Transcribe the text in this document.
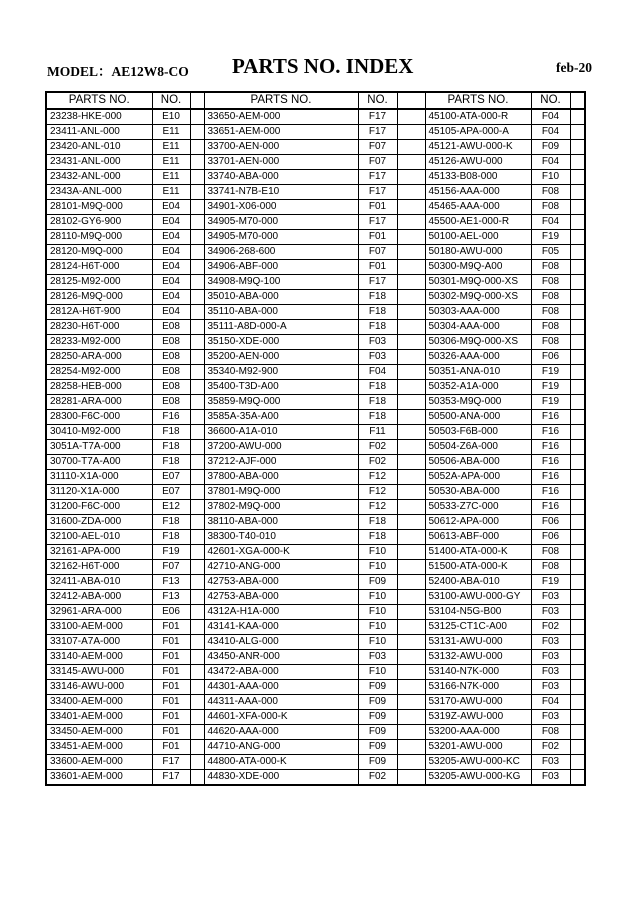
MODEL：AE12W8-CO PARTS NO. INDEX	feb-20
PARTS NO.	NO.		PARTS NO.	NO.		PARTS NO.	NO.	
23238-HKE-000	E10		33650-AEM-000	F17		45100-ATA-000-R	F04	
23411-ANL-000	E11		33651-AEM-000	F17		45105-APA-000-A	F04	
23420-ANL-010	E11		33700-AEN-000	F07		45121-AWU-000-K	F09	
23431-ANL-000	E11		33701-AEN-000	F07		45126-AWU-000	F04	
23432-ANL-000	E11		33740-ABA-000	F17		45133-B08-000	F10	
2343A-ANL-000	E11		33741-N7B-E10	F17		45156-AAA-000	F08	
28101-M9Q-000	E04		34901-X06-000	F01		45465-AAA-000	F08	
28102-GY6-900	E04		34905-M70-000	F17		45500-AE1-000-R	F04	
28110-M9Q-000	E04		34905-M70-000	F01		50100-AEL-000	F19	
28120-M9Q-000	E04		34906-268-600	F07		50180-AWU-000	F05	
28124-H6T-000	E04		34906-ABF-000	F01		50300-M9Q-A00	F08	
28125-M92-000	E04		34908-M9Q-100	F17		50301-M9Q-000-XS	F08	
28126-M9Q-000	E04		35010-ABA-000	F18		50302-M9Q-000-XS	F08	
2812A-H6T-900	E04		35110-ABA-000	F18		50303-AAA-000	F08	
28230-H6T-000	E08		35111-A8D-000-A	F18		50304-AAA-000	F08	
28233-M92-000	E08		35150-XDE-000	F03		50306-M9Q-000-XS	F08	
28250-ARA-000	E08		35200-AEN-000	F03		50326-AAA-000	F06	
28254-M92-000	E08		35340-M92-900	F04		50351-ANA-010	F19	
28258-HEB-000	E08		35400-T3D-A00	F18		50352-A1A-000	F19	
28281-ARA-000	E08		35859-M9Q-000	F18		50353-M9Q-000	F19	
28300-F6C-000	F16		3585A-35A-A00	F18		50500-ANA-000	F16	
30410-M92-000	F18		36600-A1A-010	F11		50503-F6B-000	F16	
3051A-T7A-000	F18		37200-AWU-000	F02		50504-Z6A-000	F16	
30700-T7A-A00	F18		37212-AJF-000	F02		50506-ABA-000	F16	
31110-X1A-000	E07		37800-ABA-000	F12		5052A-APA-000	F16	
31120-X1A-000	E07		37801-M9Q-000	F12		50530-ABA-000	F16	
31200-F6C-000	E12		37802-M9Q-000	F12		50533-Z7C-000	F16	
31600-ZDA-000	F18		38110-ABA-000	F18		50612-APA-000	F06	
32100-AEL-010	F18		38300-T40-010	F18		50613-ABF-000	F06	
32161-APA-000	F19		42601-XGA-000-K	F10		51400-ATA-000-K	F08	
32162-H6T-000	F07		42710-ANG-000	F10		51500-ATA-000-K	F08	
32411-ABA-010	F13		42753-ABA-000	F09		52400-ABA-010	F19	
32412-ABA-000	F13		42753-ABA-000	F10		53100-AWU-000-GY	F03	
32961-ARA-000	E06		4312A-H1A-000	F10		53104-N5G-B00	F03	
33100-AEM-000	F01		43141-KAA-000	F10		53125-CT1C-A00	F02	
33107-A7A-000	F01		43410-ALG-000	F10		53131-AWU-000	F03	
33140-AEM-000	F01		43450-ANR-000	F03		53132-AWU-000	F03	
33145-AWU-000	F01		43472-ABA-000	F10		53140-N7K-000	F03	
33146-AWU-000	F01		44301-AAA-000	F09		53166-N7K-000	F03	
33400-AEM-000	F01		44311-AAA-000	F09		53170-AWU-000	F04	
33401-AEM-000	F01		44601-XFA-000-K	F09		5319Z-AWU-000	F03	
33450-AEM-000	F01		44620-AAA-000	F09		53200-AAA-000	F08	
33451-AEM-000	F01		44710-ANG-000	F09		53201-AWU-000	F02	
33600-AEM-000	F17		44800-ATA-000-K	F09		53205-AWU-000-KC	F03	
33601-AEM-000	F17		44830-XDE-000	F02		53205-AWU-000-KG	F03	
